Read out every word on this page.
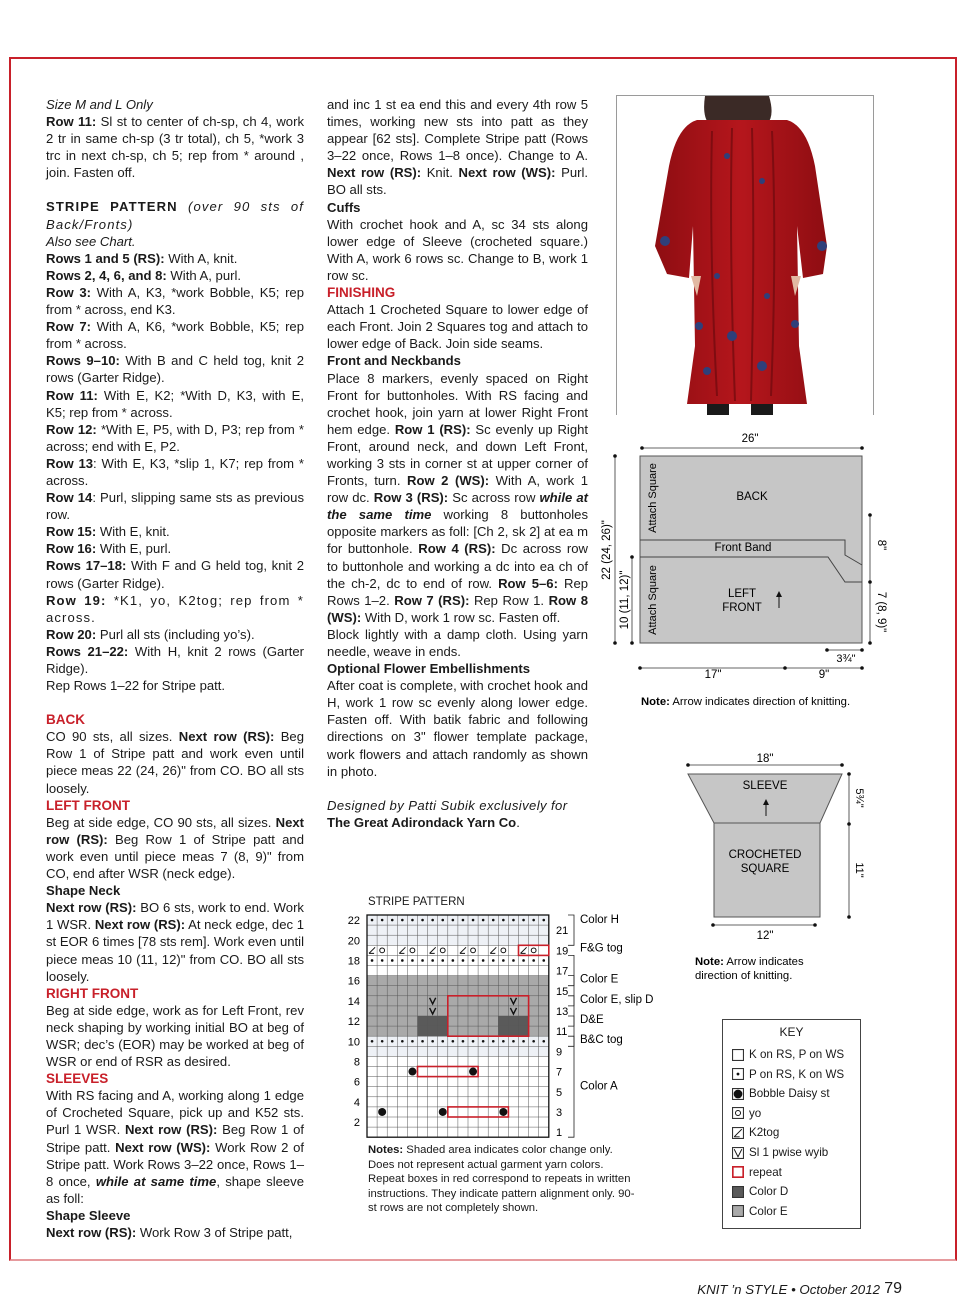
Size M and L Only

Row 11: Sl st to center of ch-sp, ch 4, work 2 tr in same ch-sp (3 tr total), ch 5, *work 3 trc in next ch-sp, ch 5; rep from * around , join. Fasten off.

STRIPE PATTERN (over 90 sts of Back/Fronts)

Also see Chart.

Rows 1 and 5 (RS): With A, knit.

Rows 2, 4, 6, and 8: With A, purl.

Row 3: With A, K3, *work Bobble, K5; rep from * across, end K3.

Row 7: With A, K6, *work Bobble, K5; rep from * across.

Rows 9–10: With B and C held tog, knit 2 rows (Garter Ridge).

Row 11: With E, K2; *With D, K3, with E, K5; rep from * across.

Row 12: *With E, P5, with D, P3; rep from * across; end with E, P2.

Row 13: With E, K3, *slip 1, K7; rep from * across.

Row 14: Purl, slipping same sts as previous row.

Row 15: With E, knit.

Row 16: With E, purl.

Rows 17–18: With F and G held tog, knit 2 rows (Garter Ridge).

Row 19: *K1, yo, K2tog; rep from * across.

Row 20: Purl all sts (including yo’s).

Rows 21–22: With H, knit 2 rows (Garter Ridge).

Rep Rows 1–22 for Stripe patt.

BACK

CO 90 sts, all sizes. Next row (RS): Beg Row 1 of Stripe patt and work even until piece meas 22 (24, 26)" from CO. BO all sts loosely.

LEFT FRONT

Beg at side edge, CO 90 sts, all sizes. Next row (RS): Beg Row 1 of Stripe patt and work even until piece meas 7 (8, 9)" from CO, end after WSR (neck edge).

Shape Neck

Next row (RS): BO 6 sts, work to end. Work 1 WSR. Next row (RS): At neck edge, dec 1 st EOR 6 times [78 sts rem]. Work even until piece meas 10 (11, 12)" from CO. BO all sts loosely.

RIGHT FRONT

Beg at side edge, work as for Left Front, rev neck shaping by working initial BO at beg of WSR; dec’s (EOR) may be worked at beg of WSR or end of RSR as desired.

SLEEVES

With RS facing and A, working along 1 edge of Crocheted Square, pick up and K52 sts. Purl 1 WSR. Next row (RS): Beg Row 1 of Stripe patt. Next row (WS): Work Row 2 of Stripe patt. Work Rows 3–22 once, Rows 1–8 once, while at same time, shape sleeve as foll:

Shape Sleeve

Next row (RS): Work Row 3 of Stripe patt,

and inc 1 st ea end this and every 4th row 5 times, working new sts into patt as they appear [62 sts]. Complete Stripe patt (Rows 3–22 once, Rows 1–8 once). Change to A. Next row (RS): Knit. Next row (WS): Purl. BO all sts.

Cuffs

With crochet hook and A, sc 34 sts along lower edge of Sleeve (crocheted square.) With A, work 6 rows sc. Change to B, work 1 row sc.

FINISHING

Attach 1 Crocheted Square to lower edge of each Front. Join 2 Squares tog and attach to lower edge of Back. Join side seams.

Front and Neckbands

Place 8 markers, evenly spaced on Right Front for buttonholes. With RS facing and crochet hook, join yarn at lower Right Front hem edge. Row 1 (RS): Sc evenly up Right Front, around neck, and down Left Front, working 3 sts in corner st at upper corner of Fronts, turn. Row 2 (WS): With A, work 1 row dc. Row 3 (RS): Sc across row while at the same time working 8 buttonholes opposite markers as foll: [Ch 2, sk 2] at ea m for buttonhole. Row 4 (RS): Dc across row to buttonhole and working a dc into ea ch of the ch-2, dc to end of row. Row 5–6: Rep Rows 1–2. Row 7 (RS): Rep Row 1. Row 8 (WS): With D, work 1 row sc. Fasten off.

Block lightly with a damp cloth. Using yarn needle, weave in ends.

Optional Flower Embellishments

After coat is complete, with crochet hook and H, work 1 row sc evenly along lower edge. Fasten off. With batik fabric and following directions on 3" flower template package, work flowers and attach randomly as shown in photo.

Designed by Patti Subik exclusively for

The Great Adirondack Yarn Co.

26"
22 (24, 26)"
10 (11, 12)"
8"
7 (8, 9)"
3¾"
17"	9"
BACK
Front Band
LEFT
FRONT
Attach Square
Attach Square
Note: Arrow indicates direction of knitting.
18"
5¾"
11"
12"
SLEEVE
CROCHETED
SQUARE
Note: Arrow indicates
direction of knitting.
STRIPE PATTERN
22
20
18
16
14
12
10
8
6
4
2
21
19
17
15
13
11
9
7
5
3
1
Color H
F&G tog
Color E
Color E, slip D
D&E
B&C tog
Color A
Notes: Shaded area indicates color change only. Does not represent actual garment yarn colors. Repeat boxes in red correspond to repeats in written instructions. They indicate pattern alignment only. 90-st rows are not completely shown.
KEY
K on RS, P on WS
P on RS, K on WS
Bobble Daisy st
yo
K2tog
Sl 1 pwise wyib
repeat
Color D
Color E
KNIT ’n STYLE • October 2012 79
